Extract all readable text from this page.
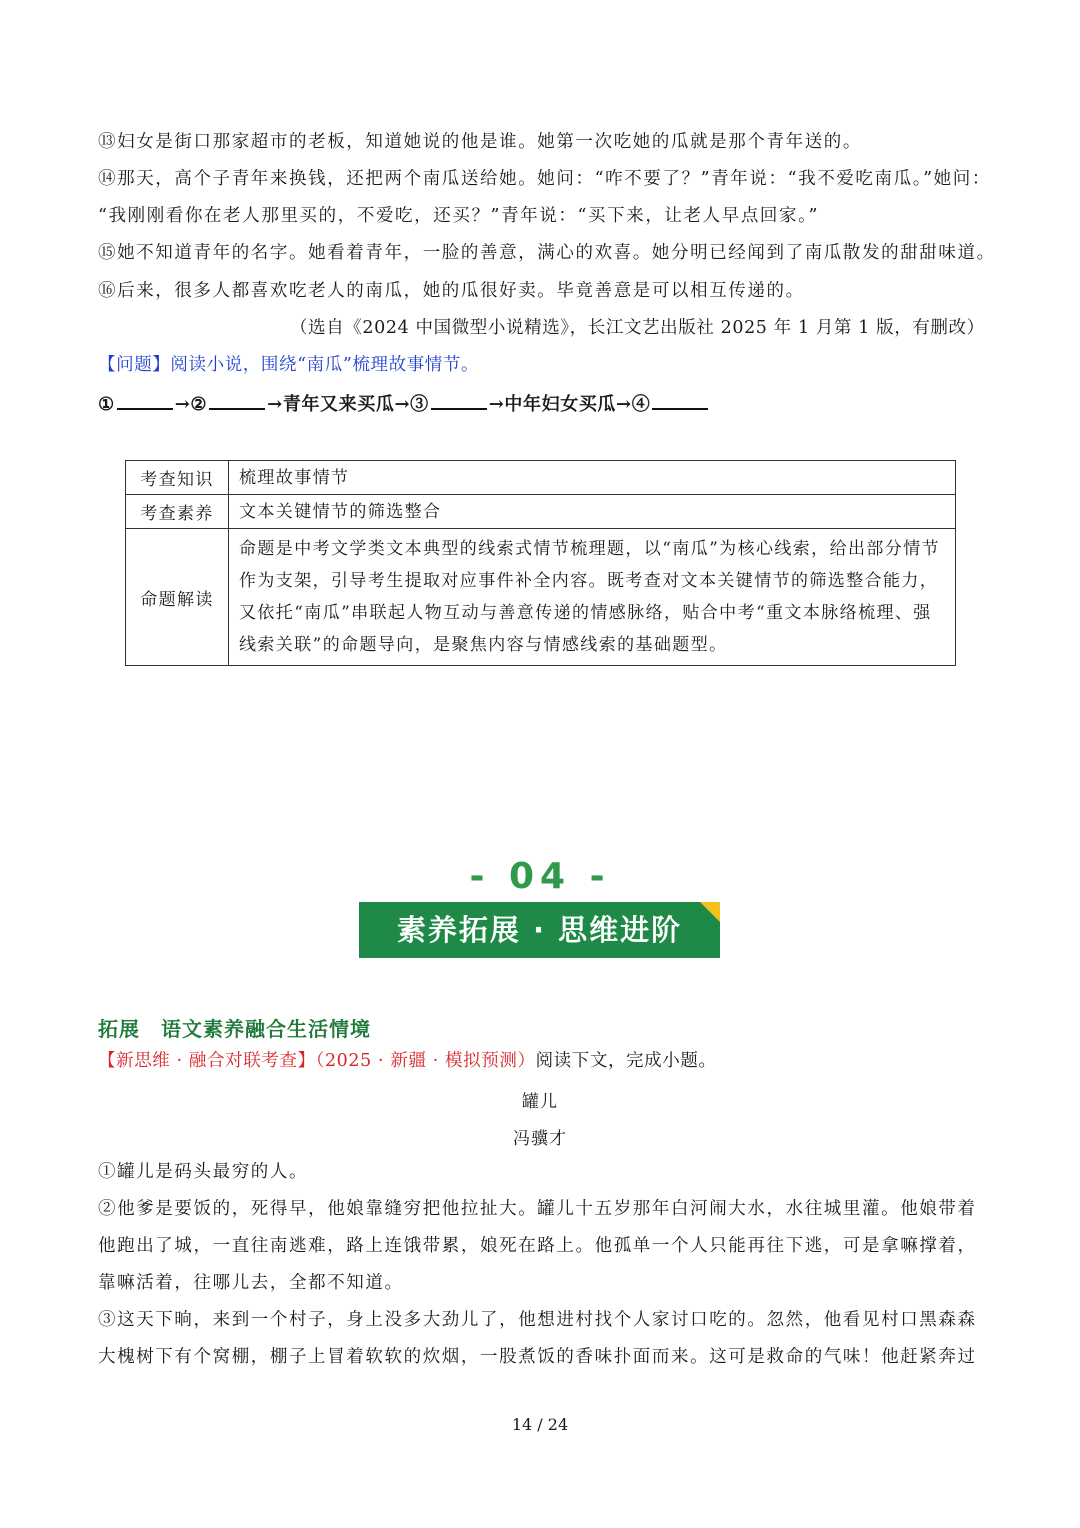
⑬妇女是街口那家超市的老板，知道她说的他是谁。她第一次吃她的瓜就是那个青年送的。
⑭那天，高个子青年来换钱，还把两个南瓜送给她。她问：“咋不要了？”青年说：“我不爱吃南瓜。”她问：
“我刚刚看你在老人那里买的，不爱吃，还买？”青年说：“买下来，让老人早点回家。”
⑮她不知道青年的名字。她看着青年，一脸的善意，满心的欢喜。她分明已经闻到了南瓜散发的甜甜味道。
⑯后来，很多人都喜欢吃老人的南瓜，她的瓜很好卖。毕竟善意是可以相互传递的。
（选自《2024 中国微型小说精选》，长江文艺出版社 2025 年 1 月第 1 版，有删改）
【问题】阅读小说，围绕“南瓜”梳理故事情节。
①	→②	→青年又来买瓜→③	→中年妇女买瓜→④
考查知识	梳理故事情节
考查素养	文本关键情节的筛选整合
命题解读	命题是中考文学类文本典型的线索式情节梳理题，以“南瓜”为核心线索，给出部分情节作为支架，引导考生提取对应事件补全内容。既考查对文本关键情节的筛选整合能力，又依托“南瓜”串联起人物互动与善意传递的情感脉络，贴合中考“重文本脉络梳理、强线索关联”的命题导向，是聚焦内容与情感线索的基础题型。
- 04 -
素养拓展 · 思维进阶
拓展　语文素养融合生活情境
【新思维 · 融合对联考查】（2025 · 新疆 · 模拟预测）阅读下文，完成小题。
罐儿
冯骥才
①罐儿是码头最穷的人。
②他爹是要饭的，死得早，他娘靠缝穷把他拉扯大。罐儿十五岁那年白河闹大水，水往城里灌。他娘带着
他跑出了城，一直往南逃难，路上连饿带累，娘死在路上。他孤单一个人只能再往下逃，可是拿嘛撑着，
靠嘛活着，往哪儿去，全都不知道。
③这天下晌，来到一个村子，身上没多大劲儿了，他想进村找个人家讨口吃的。忽然，他看见村口黑森森
大槐树下有个窝棚，棚子上冒着软软的炊烟，一股煮饭的香味扑面而来。这可是救命的气味！他赶紧奔过
14 / 24
